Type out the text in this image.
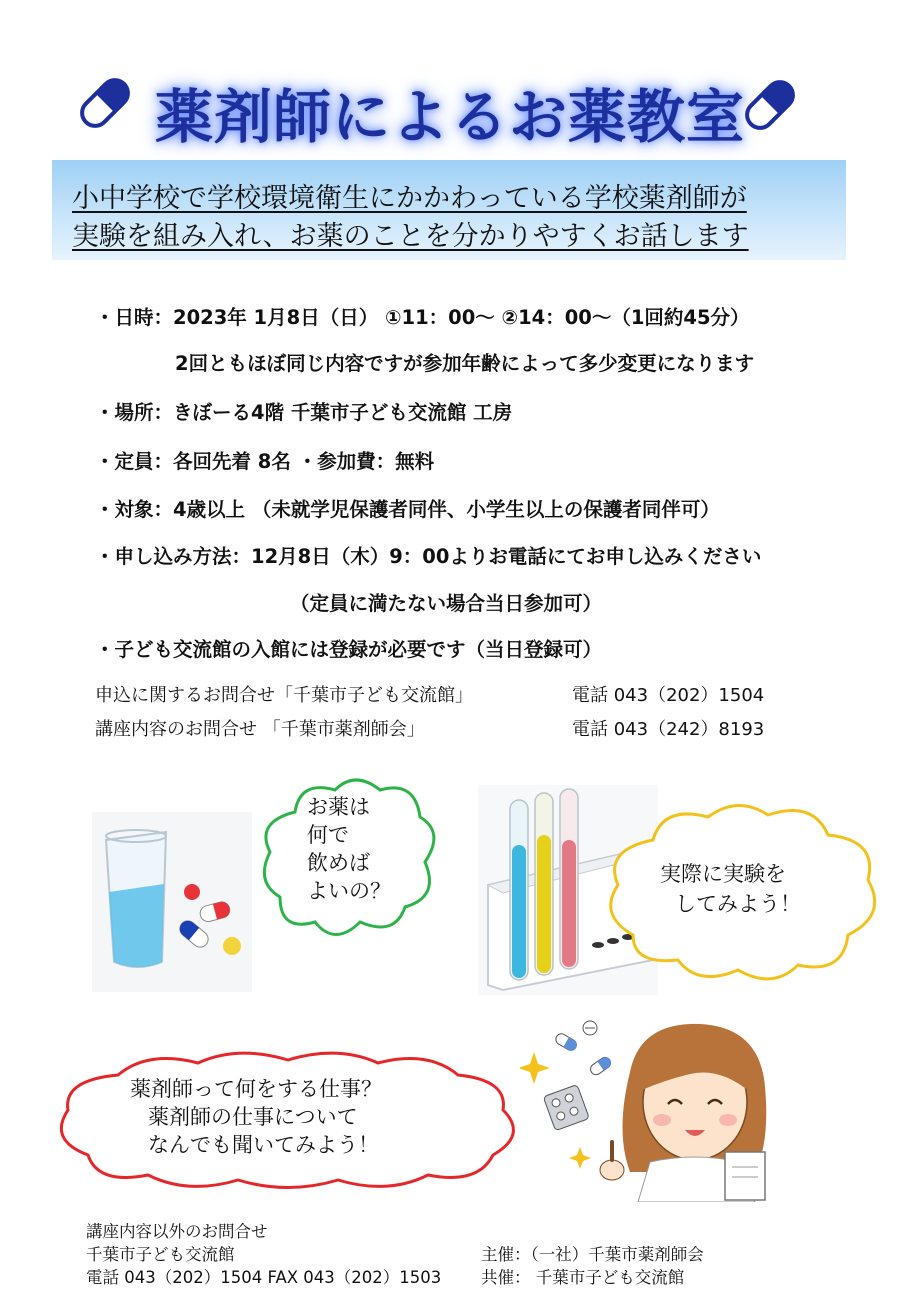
薬剤師によるお薬教室
小中学校で学校環境衛生にかかわっている学校薬剤師が
実験を組み入れ、お薬のことを分かりやすくお話します
・日時：2023年 1月8日（日） ①11：00～ ②14：00～（1回約45分）
2回ともほぼ同じ内容ですが参加年齢によって多少変更になります
・場所：きぼーる4階 千葉市子ども交流館 工房
・定員：各回先着 8名 ・参加費：無料
・対象：4歳以上 （未就学児保護者同伴、小学生以上の保護者同伴可）
・申し込み方法：12月8日（木）9：00よりお電話にてお申し込みください
（定員に満たない場合当日参加可）
・子ども交流館の入館には登録が必要です（当日登録可）
申込に関するお問合せ「千葉市子ども交流館」	電話 043（202）1504
講座内容のお問合せ 「千葉市薬剤師会」	電話 043（242）8193
お薬は
何で
飲めば
よいの？
実際に実験を
してみよう！
薬剤師って何をする仕事？
薬剤師の仕事について
なんでも聞いてみよう！
講座内容以外のお問合せ
千葉市子ども交流館
電話 043（202）1504 FAX 043（202）1503
主催：（一社）千葉市薬剤師会
共催： 千葉市子ども交流館
